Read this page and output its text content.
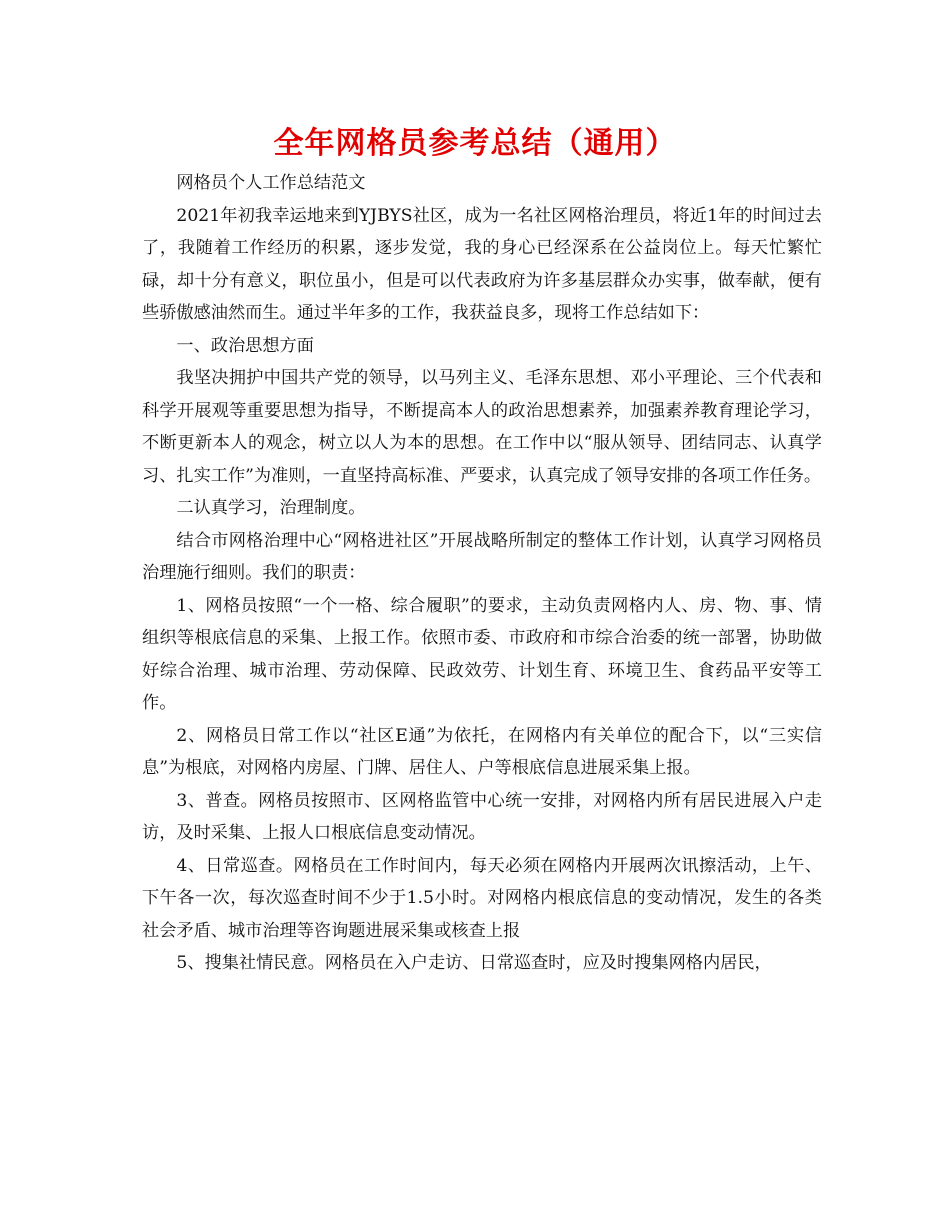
全年网格员参考总结（通用）

网格员个人工作总结范文

2021年初我幸运地来到YJBYS社区，成为一名社区网格治理员，将近1年的时间过去了，我随着工作经历的积累，逐步发觉，我的身心已经深系在公益岗位上。每天忙繁忙碌，却十分有意义，职位虽小，但是可以代表政府为许多基层群众办实事，做奉献，便有些骄傲感油然而生。通过半年多的工作，我获益良多，现将工作总结如下：

一、政治思想方面

我坚决拥护中国共产党的领导，以马列主义、毛泽东思想、邓小平理论、三个代表和科学开展观等重要思想为指导，不断提高本人的政治思想素养，加强素养教育理论学习，不断更新本人的观念，树立以人为本的思想。在工作中以“服从领导、团结同志、认真学习、扎实工作”为准则，一直坚持高标准、严要求，认真完成了领导安排的各项工作任务。

二认真学习，治理制度。

结合市网格治理中心“网格进社区”开展战略所制定的整体工作计划，认真学习网格员治理施行细则。我们的职责：

1、网格员按照“一个一格、综合履职”的要求，主动负责网格内人、房、物、事、情组织等根底信息的采集、上报工作。依照市委、市政府和市综合治委的统一部署，协助做好综合治理、城市治理、劳动保障、民政效劳、计划生育、环境卫生、食药品平安等工作。

2、网格员日常工作以“社区E通”为依托，在网格内有关单位的配合下，以“三实信息”为根底，对网格内房屋、门牌、居住人、户等根底信息进展采集上报。

3、普查。网格员按照市、区网格监管中心统一安排，对网格内所有居民进展入户走访，及时采集、上报人口根底信息变动情况。

4、日常巡查。网格员在工作时间内，每天必须在网格内开展两次讯擦活动，上午、下午各一次，每次巡查时间不少于1.5小时。对网格内根底信息的变动情况，发生的各类社会矛盾、城市治理等咨询题进展采集或核查上报

5、搜集社情民意。网格员在入户走访、日常巡查时，应及时搜集网格内居民，
